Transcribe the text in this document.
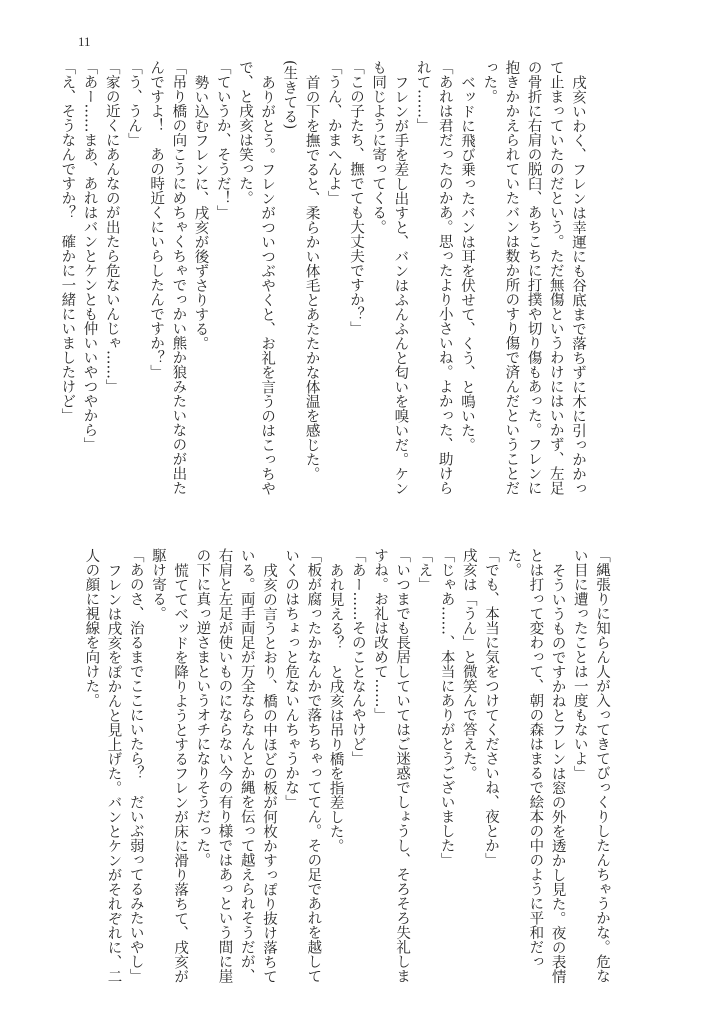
11

戌亥いわく、フレンは幸運にも谷底まで落ちずに木に引っかかって止まっていたのだという。ただ無傷というわけにはいかず、左足の骨折に右肩の脱臼、あちこちに打撲や切り傷もあった。フレンに抱きかかえられていたバンは数か所のすり傷で済んだということだった。

ベッドに飛び乗ったバンは耳を伏せて、くう、と鳴いた。

「あれは君だったのかあ。思ったより小さいね。よかった、助けられて……」

フレンが手を差し出すと、バンはふんふんと匂いを嗅いだ。ケンも同じように寄ってくる。

「この子たち、撫でても大丈夫ですか？」

「うん、かまへんよ」

首の下を撫でると、柔らかい体毛とあたたかな体温を感じた。

(生きてる)

ありがとう。フレンがついつぶやくと、お礼を言うのはこっちやで、と戌亥は笑った。

「ていうか、そうだ！」

勢い込むフレンに、戌亥が後ずさりする。

「吊り橋の向こうにめちゃくちゃでっかい熊か狼みたいなのが出たんですよ！　あの時近くにいらしたんですか？」

「う、うん」

「家の近くにあんなのが出たら危ないんじゃ……」

「あー……まあ、あれはバンとケンとも仲いいやつやから」

「え、そうなんですか？　確かに一緒にいましたけど」

「縄張りに知らん人が入ってきてびっくりしたんちゃうかな。危ない目に遭ったことは一度もないよ」

そういうものですかねとフレンは窓の外を透かし見た。夜の表情とは打って変わって、朝の森はまるで絵本の中のように平和だった。

「でも、本当に気をつけてくださいね、夜とか」

戌亥は「うん」と微笑んで答えた。

「じゃあ……、本当にありがとうございました」

「え」

「いつまでも長居していてはご迷惑でしょうし、そろそろ失礼しますね。お礼は改めて……」

「あー……そのことなんやけど」

あれ見える？　と戌亥は吊り橋を指差した。

「板が腐ったかなんかで落ちちゃっててん。その足であれを越していくのはちょっと危ないんちゃうかな」

戌亥の言うとおり、橋の中ほどの板が何枚かすっぽり抜け落ちている。両手両足が万全ならなんとか縄を伝って越えられそうだが、右肩と左足が使いものにならない今の有り様ではあっという間に崖の下に真っ逆さまというオチになりそうだった。

慌ててベッドを降りようとするフレンが床に滑り落ちて、戌亥が駆け寄る。

「あのさ、治るまでここにいたら？　だいぶ弱ってるみたいやし」

フレンは戌亥をぽかんと見上げた。バンとケンがそれぞれに、二人の顔に視線を向けた。
